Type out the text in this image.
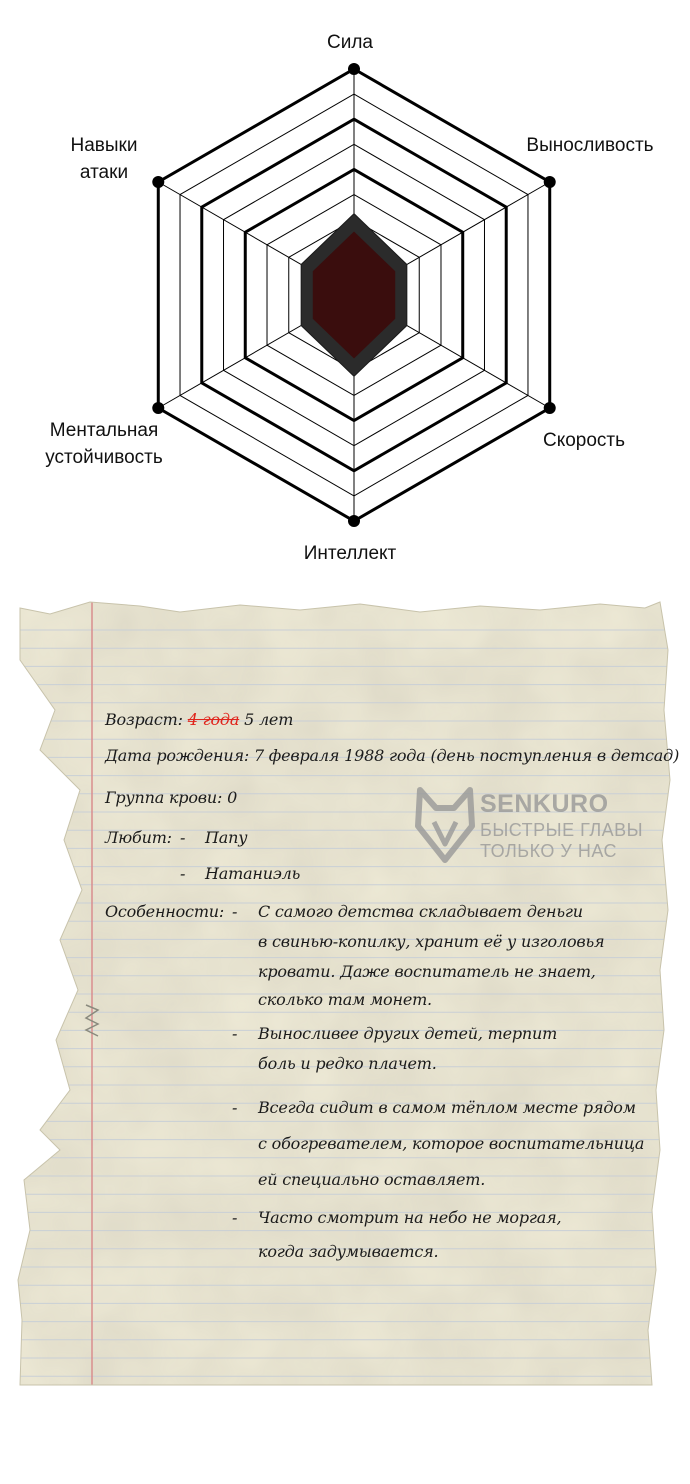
Сила
Выносливость
Скорость
Интеллект
Ментальная устойчивость
Навыки атаки
SENKURO
БЫСТРЫЕ ГЛАВЫ
ТОЛЬКО У НАС
Возраст: 4 года 5 лет
Дата рождения: 7 февраля 1988 года (день поступления в детсад)
Группа крови: 0
Любит: - Папу
- Натаниэль
Особенности: - С самого детства складывает деньги
в свинью-копилку, хранит её у изголовья
кровати. Даже воспитатель не знает,
сколько там монет.
- Выносливее других детей, терпит
боль и редко плачет.
- Всегда сидит в самом тёплом месте рядом
с обогревателем, которое воспитательница
ей специально оставляет.
- Часто смотрит на небо не моргая,
когда задумывается.
